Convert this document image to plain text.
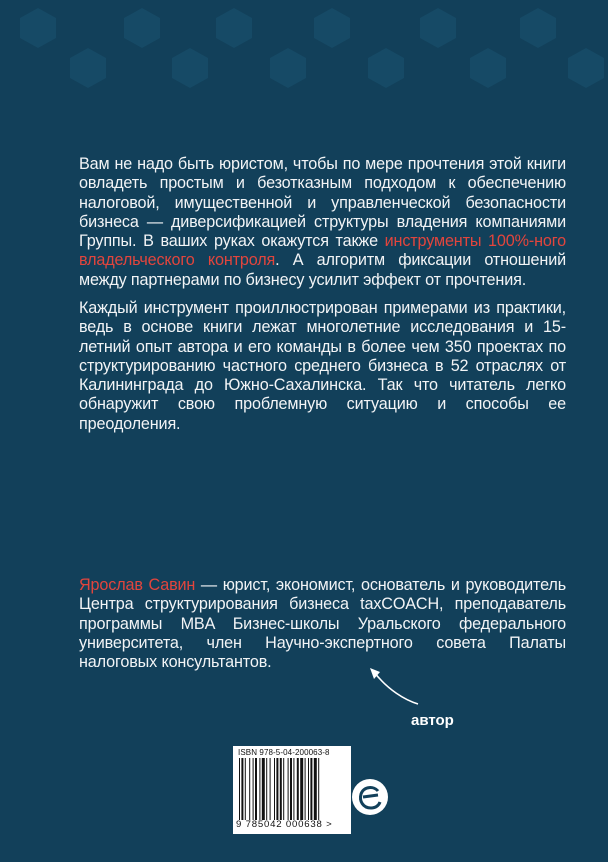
Вам не надо быть юристом, чтобы по мере прочтения этой книги овладеть простым и безотказным подходом к обеспечению налоговой, имущественной и управленческой безопасности бизнеса — диверсификацией структуры владения компаниями Группы. В ваших руках окажутся также инструменты 100%-ного владельческого контроля. А алгоритм фиксации отношений между партнерами по бизнесу усилит эффект от прочтения.
Каждый инструмент проиллюстрирован примерами из практики, ведь в основе книги лежат многолетние исследования и 15-летний опыт автора и его команды в более чем 350 проектах по структурированию частного среднего бизнеса в 52 отраслях от Калининграда до Южно-Сахалинска. Так что читатель легко обнаружит свою проблемную ситуацию и способы ее преодоления.
Ярослав Савин — юрист, экономист, основатель и руководитель Центра структурирования бизнеса taxCOACH, преподаватель программы MBA Бизнес-школы Уральского федерального университета, член Научно-экспертного совета Палаты налоговых консультантов.
автор
ISBN 978-5-04-200063-8
9 785042 000638 >
